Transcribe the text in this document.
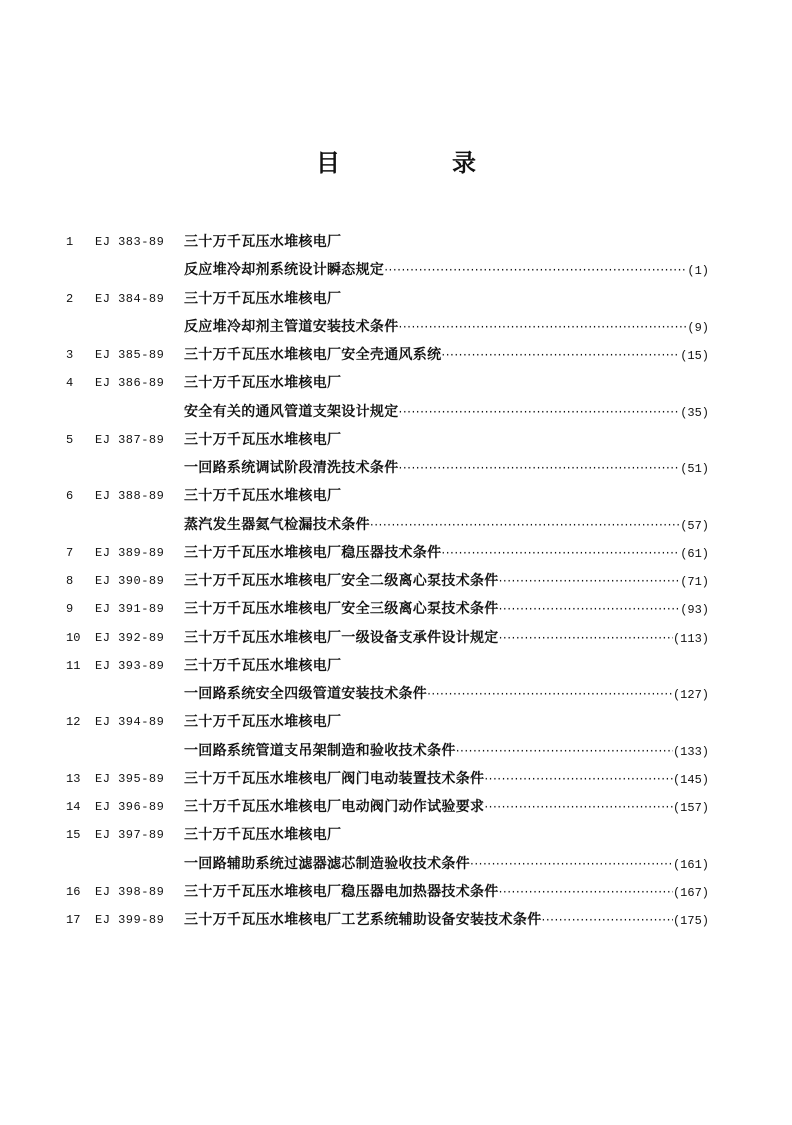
目　录
1	EJ 383-89	三十万千瓦压水堆核电厂
反应堆冷却剂系统设计瞬态规定 ·····	(1)
2	EJ 384-89	三十万千瓦压水堆核电厂
反应堆冷却剂主管道安装技术条件 ·····	(9)
3	EJ 385-89	三十万千瓦压水堆核电厂安全壳通风系统 ·····	(15)
4	EJ 386-89	三十万千瓦压水堆核电厂
安全有关的通风管道支架设计规定 ·····	(35)
5	EJ 387-89	三十万千瓦压水堆核电厂
一回路系统调试阶段清洗技术条件 ·····	(51)
6	EJ 388-89	三十万千瓦压水堆核电厂
蒸汽发生器氦气检漏技术条件 ·····	(57)
7	EJ 389-89	三十万千瓦压水堆核电厂稳压器技术条件 ·····	(61)
8	EJ 390-89	三十万千瓦压水堆核电厂安全二级离心泵技术条件 ·····	(71)
9	EJ 391-89	三十万千瓦压水堆核电厂安全三级离心泵技术条件 ·····	(93)
10	EJ 392-89	三十万千瓦压水堆核电厂一级设备支承件设计规定 ·····	(113)
11	EJ 393-89	三十万千瓦压水堆核电厂
一回路系统安全四级管道安装技术条件 ·····	(127)
12	EJ 394-89	三十万千瓦压水堆核电厂
一回路系统管道支吊架制造和验收技术条件 ·····	(133)
13	EJ 395-89	三十万千瓦压水堆核电厂阀门电动装置技术条件 ·····	(145)
14	EJ 396-89	三十万千瓦压水堆核电厂电动阀门动作试验要求 ·····	(157)
15	EJ 397-89	三十万千瓦压水堆核电厂
一回路辅助系统过滤器滤芯制造验收技术条件 ·····	(161)
16	EJ 398-89	三十万千瓦压水堆核电厂稳压器电加热器技术条件 ·····	(167)
17	EJ 399-89	三十万千瓦压水堆核电厂工艺系统辅助设备安装技术条件 ·····	(175)
